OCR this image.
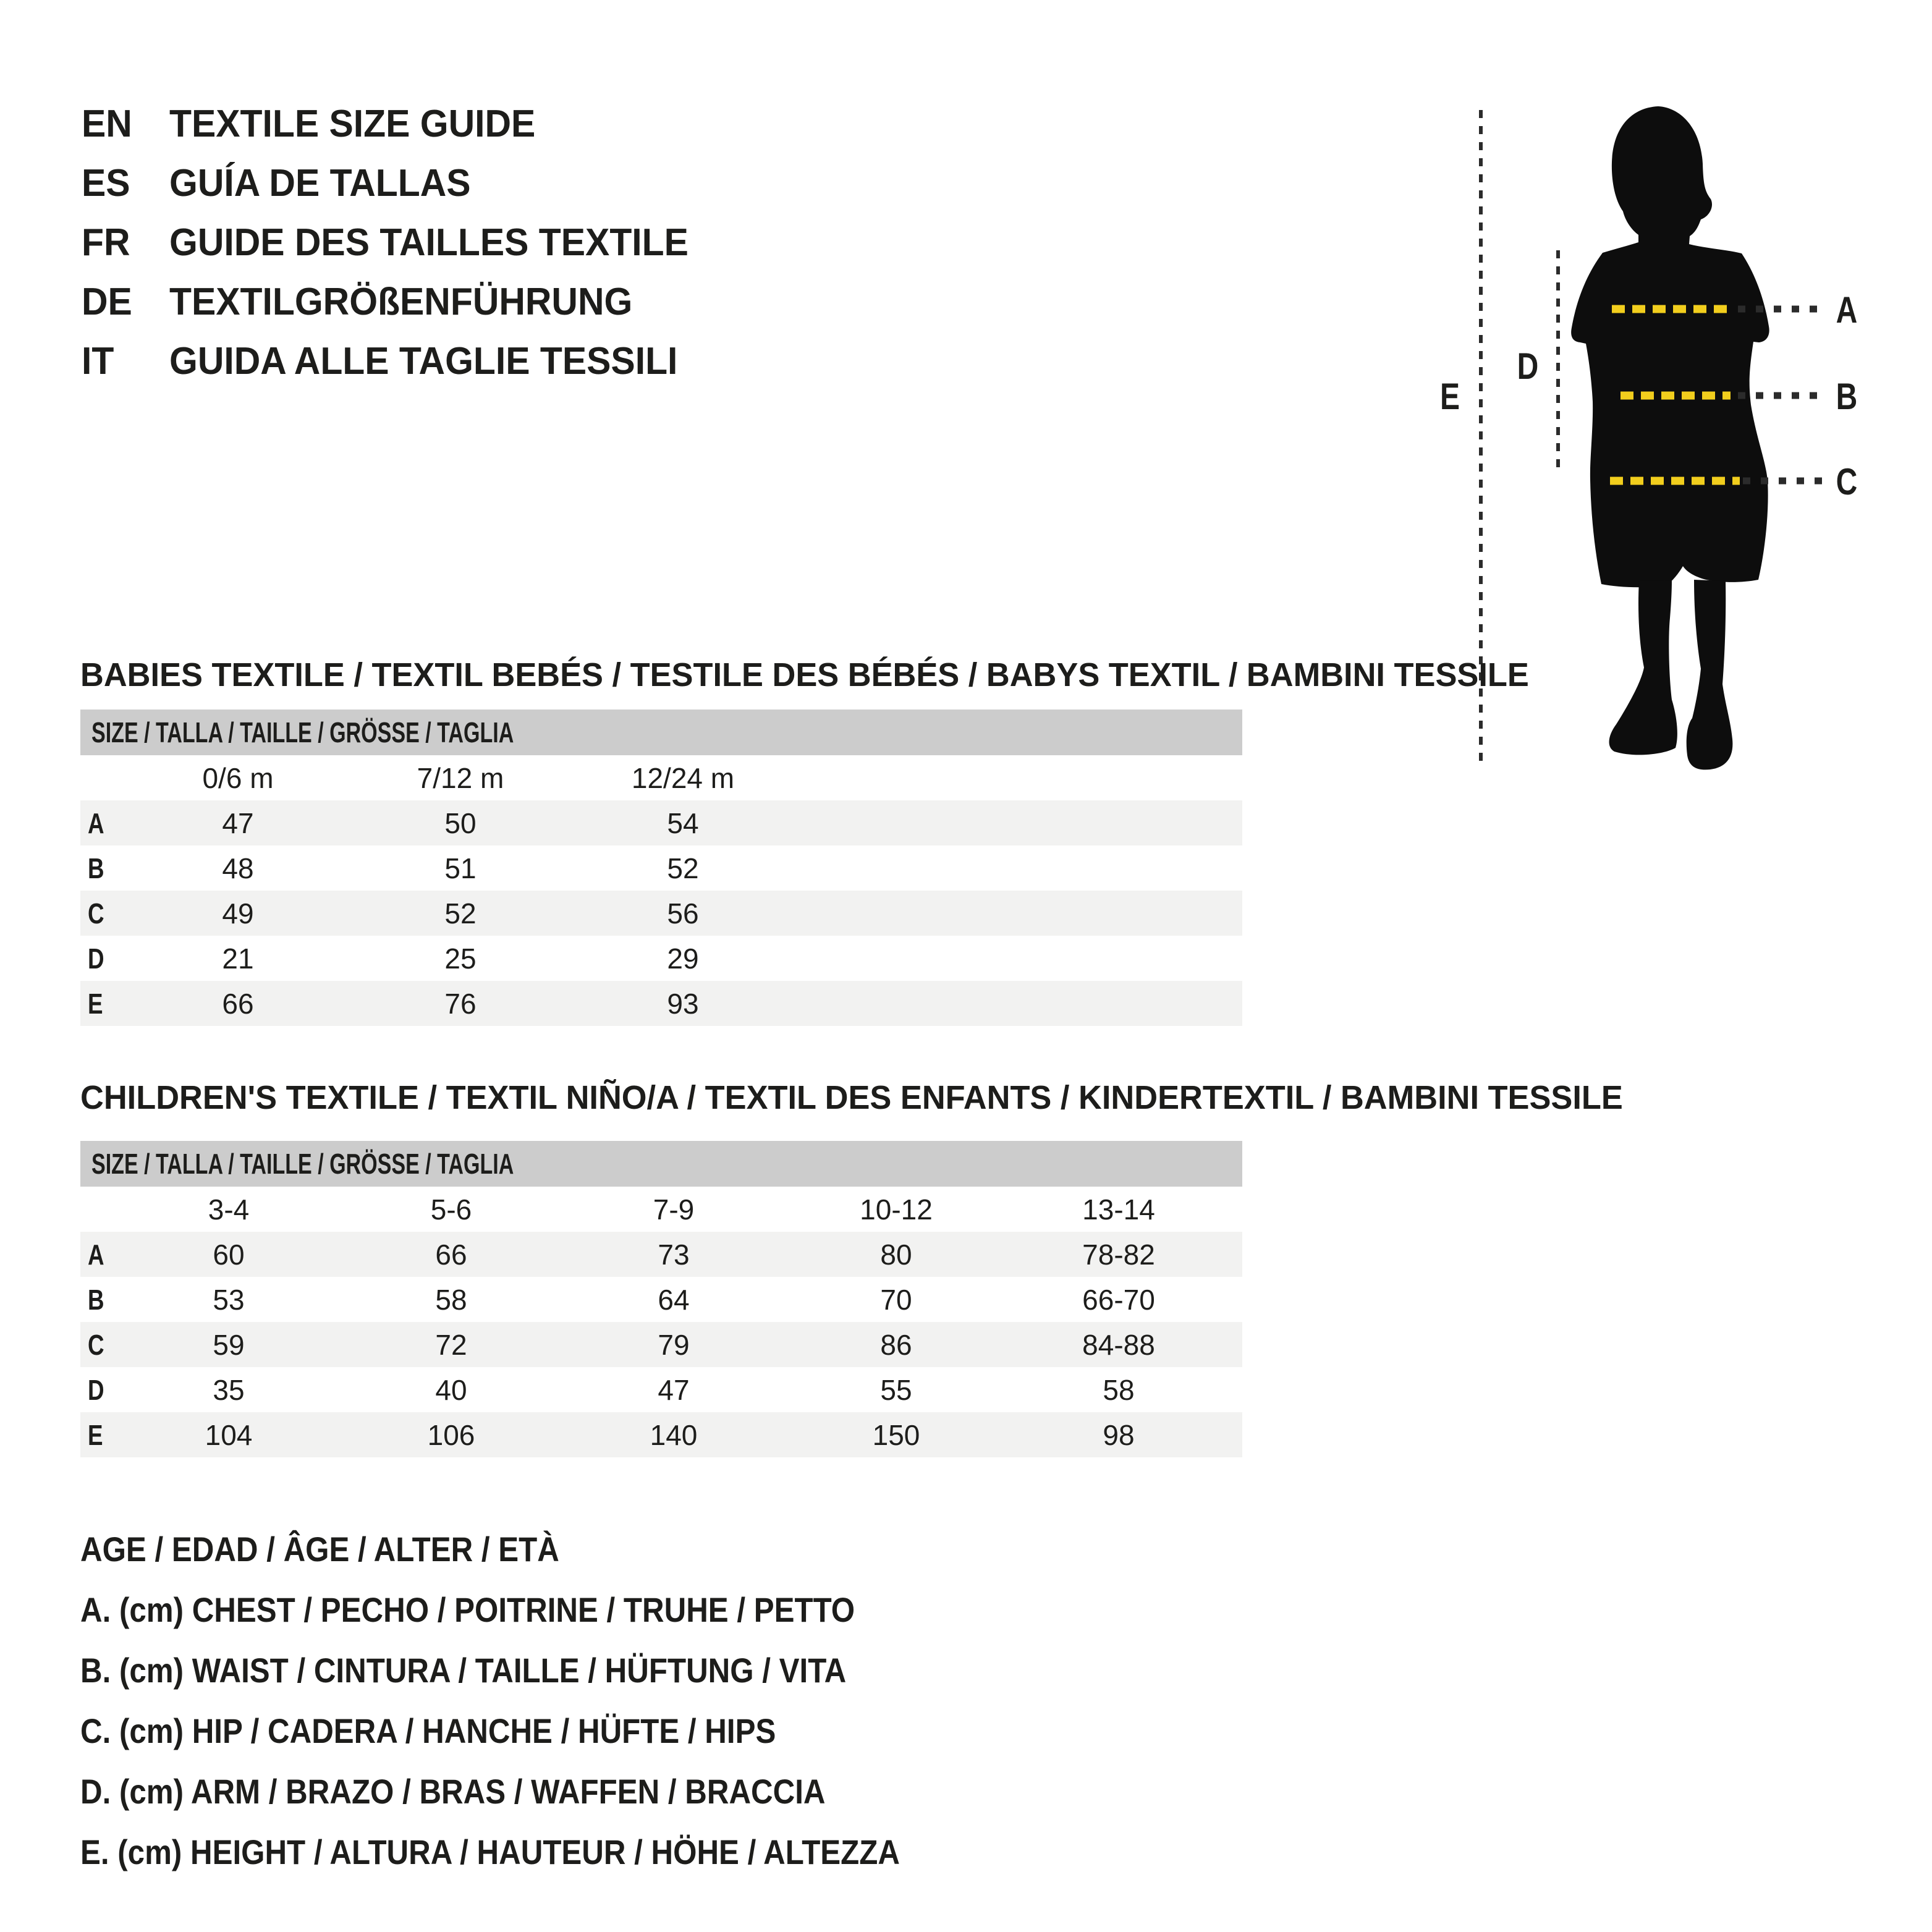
EN TEXTILE SIZE GUIDE
ES	GUÍA DE TALLAS
FR	GUIDE DES TAILLES TEXTILE
DE TEXTILGRÖßENFÜHRUNG
IT	GUIDA ALLE TAGLIE TESSILI
A
B
C
D
E
BABIES TEXTILE / TEXTIL BEBÉS / TESTILE DES BÉBÉS / BABYS TEXTIL / BAMBINI TESSILE
SIZE / TALLA / TAILLE / GRÖSSE / TAGLIA
0/6 m	7/12 m	12/24 m
A	47	50	54
B	48	51	52
C	49	52	56
D	21	25	29
E	66	76	93
CHILDREN'S TEXTILE / TEXTIL NIÑO/A / TEXTIL DES ENFANTS / KINDERTEXTIL / BAMBINI TESSILE
SIZE / TALLA / TAILLE / GRÖSSE / TAGLIA
3-4	5-6	7-9	10-12	13-14
A	60	66	73	80	78-82
B	53	58	64	70	66-70
C	59	72	79	86	84-88
D	35	40	47	55	58
E	104	106	140	150	98
AGE / EDAD / ÂGE / ALTER / ETÀ
A. (cm) CHEST / PECHO / POITRINE / TRUHE / PETTO
B. (cm) WAIST / CINTURA / TAILLE / HÜFTUNG / VITA
C. (cm) HIP / CADERA / HANCHE / HÜFTE / HIPS
D. (cm) ARM / BRAZO / BRAS / WAFFEN / BRACCIA
E. (cm) HEIGHT / ALTURA / HAUTEUR / HÖHE / ALTEZZA
